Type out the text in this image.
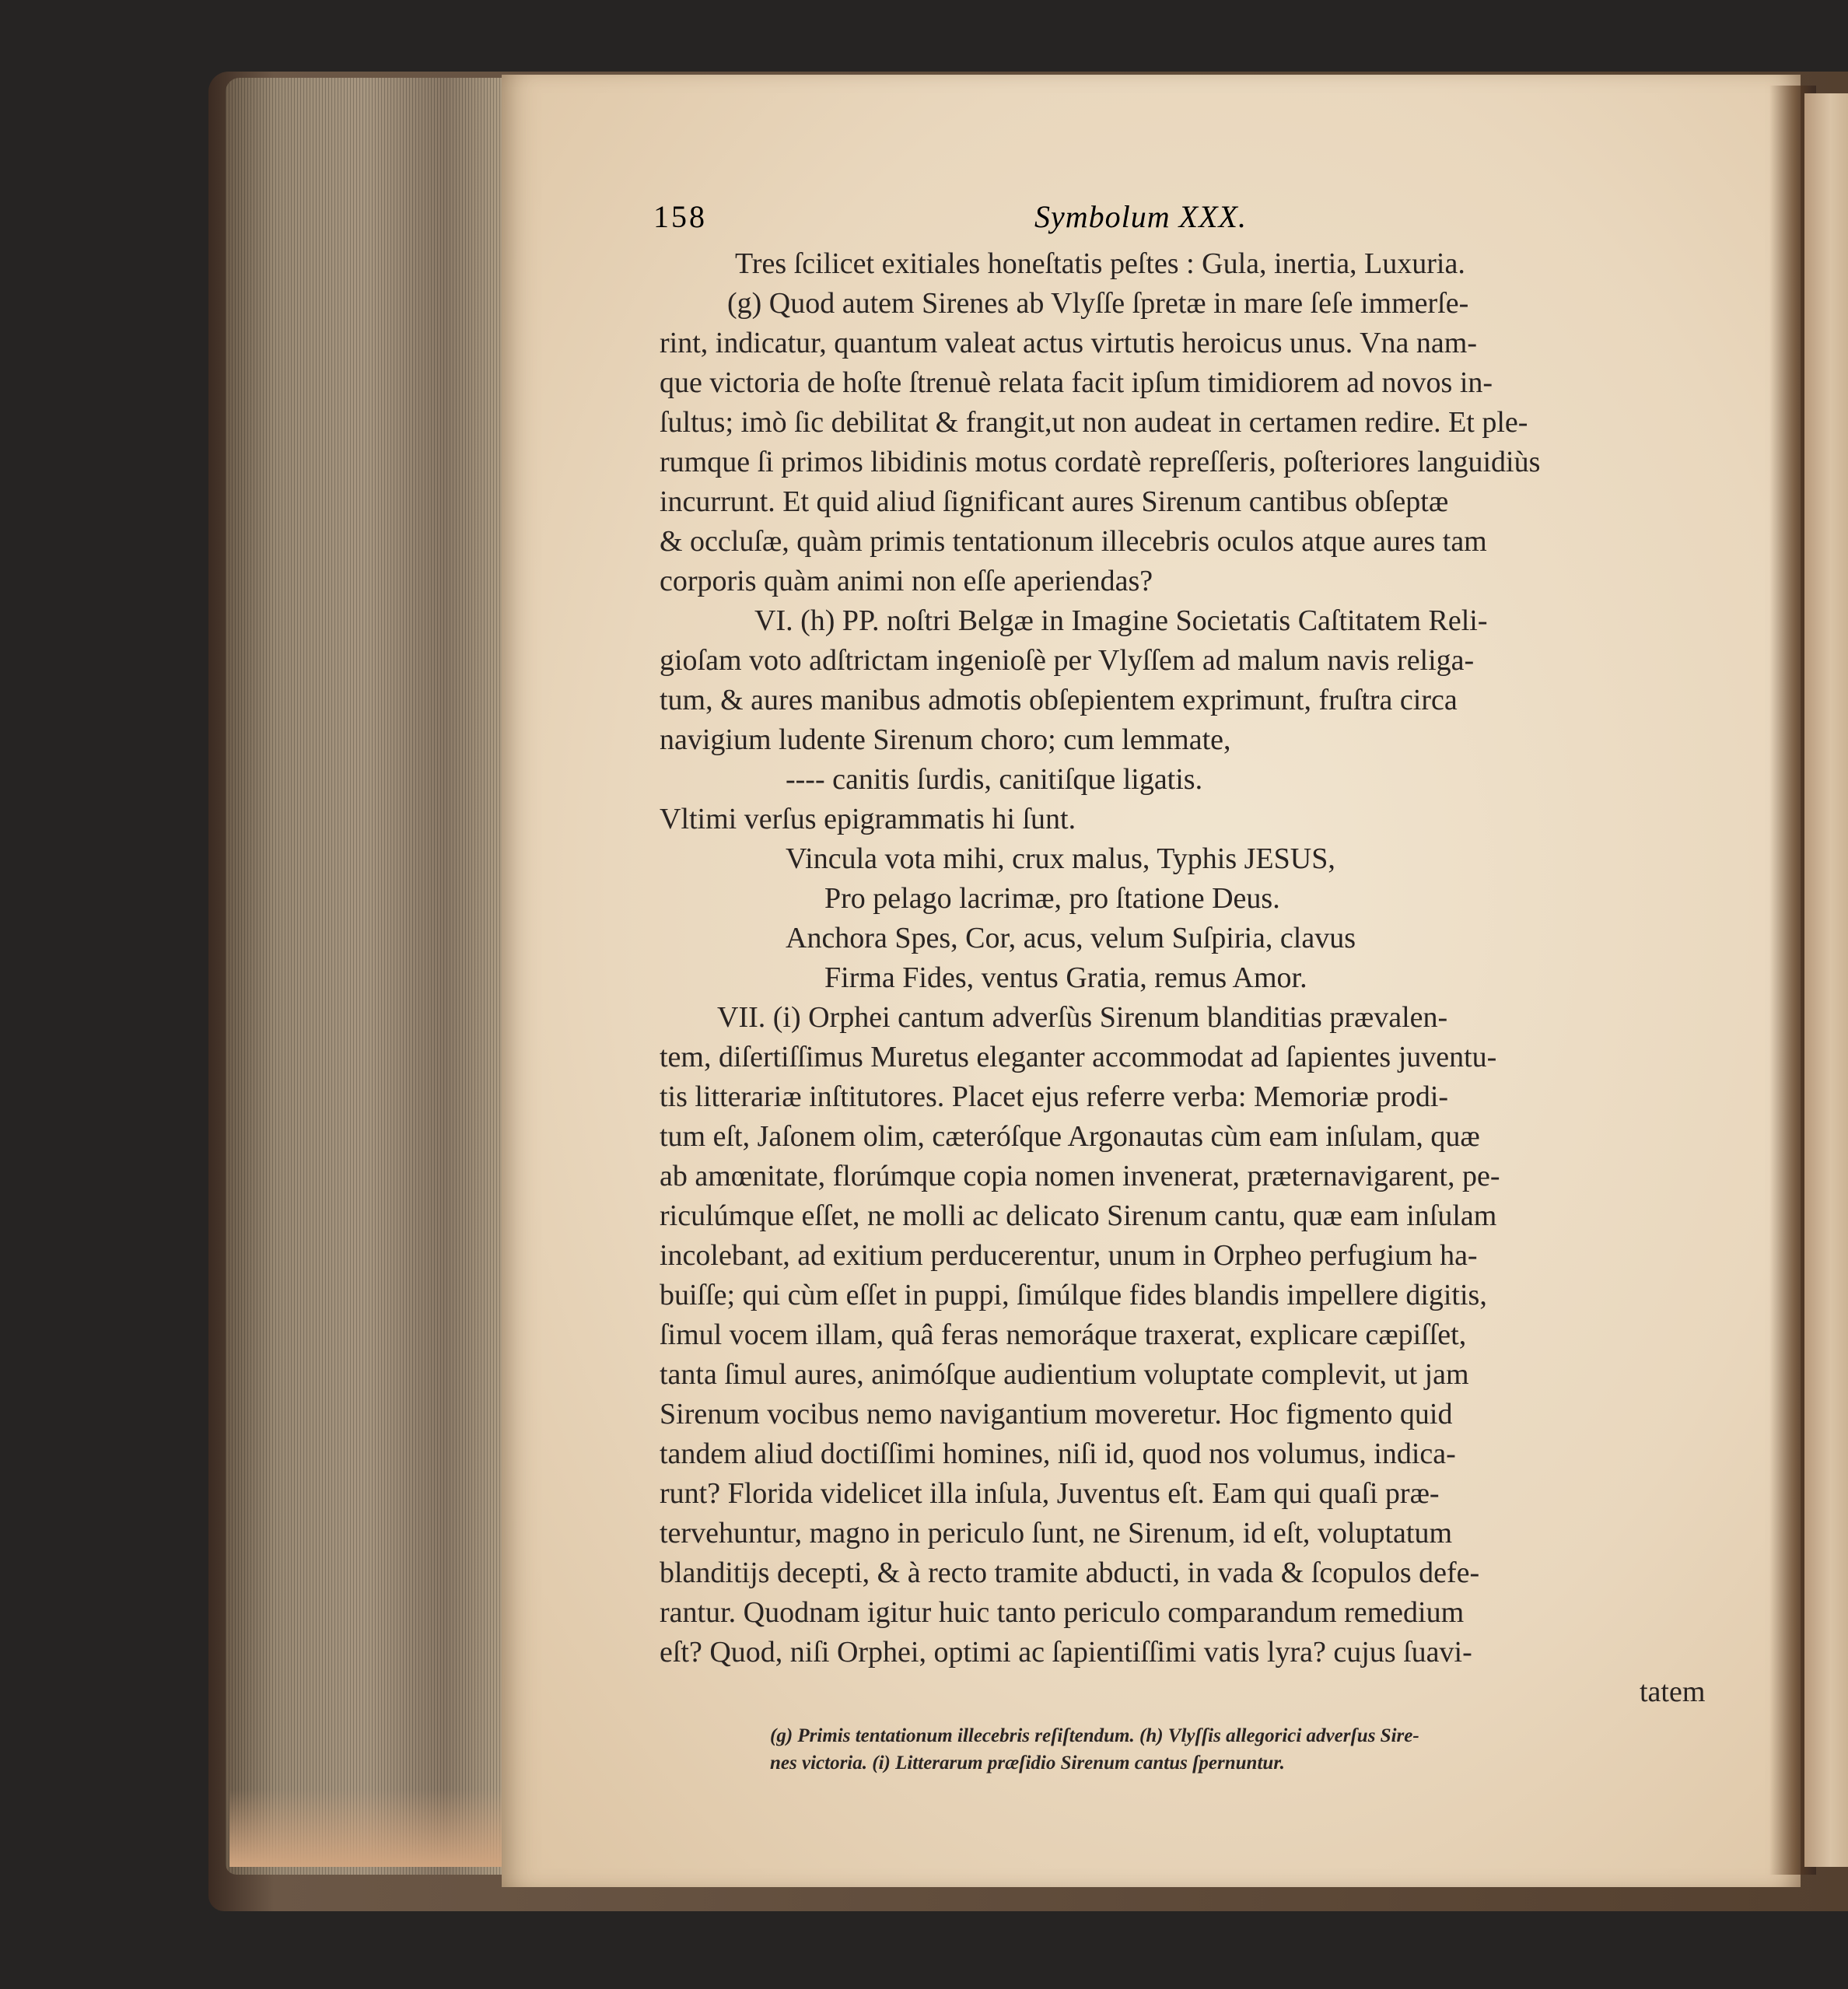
158	Symbolum XXX.
Tres ſcilicet exitiales honeſtatis peſtes : Gula, inertia, Luxuria.
(g) Quod autem Sirenes ab Vlyſſe ſpretæ in mare ſeſe immerſe-
rint, indicatur, quantum valeat actus virtutis heroicus unus. Vna nam-
que victoria de hoſte ſtrenuè relata facit ipſum timidiorem ad novos in-
ſultus; imò ſic debilitat & frangit,ut non audeat in certamen redire. Et ple-
rumque ſi primos libidinis motus cordatè repreſſeris, poſteriores languidiùs
incurrunt. Et quid aliud ſignificant aures Sirenum cantibus obſeptæ
& occluſæ, quàm primis tentationum illecebris oculos atque aures tam
corporis quàm animi non eſſe aperiendas?
VI. (h) PP. noſtri Belgæ in Imagine Societatis Caſtitatem Reli-
gioſam voto adſtrictam ingenioſè per Vlyſſem ad malum navis religa-
tum, & aures manibus admotis obſepientem exprimunt, fruſtra circa
navigium ludente Sirenum choro; cum lemmate,
---- canitis ſurdis, canitiſque ligatis.
Vltimi verſus epigrammatis hi ſunt.
Vincula vota mihi, crux malus, Typhis JESUS,
Pro pelago lacrimæ, pro ſtatione Deus.
Anchora Spes, Cor, acus, velum Suſpiria, clavus
Firma Fides, ventus Gratia, remus Amor.
VII. (i) Orphei cantum adverſùs Sirenum blanditias prævalen-
tem, diſertiſſimus Muretus eleganter accommodat ad ſapientes juventu-
tis litterariæ inſtitutores. Placet ejus referre verba: Memoriæ prodi-
tum eſt, Jaſonem olim, cæteróſque Argonautas cùm eam inſulam, quæ
ab amœnitate, florúmque copia nomen invenerat, præternavigarent, pe-
riculúmque eſſet, ne molli ac delicato Sirenum cantu, quæ eam inſulam
incolebant, ad exitium perducerentur, unum in Orpheo perfugium ha-
buiſſe; qui cùm eſſet in puppi, ſimúlque fides blandis impellere digitis,
ſimul vocem illam, quâ feras nemoráque traxerat, explicare cæpiſſet,
tanta ſimul aures, animóſque audientium voluptate complevit, ut jam
Sirenum vocibus nemo navigantium moveretur. Hoc figmento quid
tandem aliud doctiſſimi homines, niſi id, quod nos volumus, indica-
runt? Florida videlicet illa inſula, Juventus eſt. Eam qui quaſi præ-
tervehuntur, magno in periculo ſunt, ne Sirenum, id eſt, voluptatum
blanditijs decepti, & à recto tramite abducti, in vada & ſcopulos defe-
rantur. Quodnam igitur huic tanto periculo comparandum remedium
eſt? Quod, niſi Orphei, optimi ac ſapientiſſimi vatis lyra? cujus ſuavi-
tatem
(g) Primis tentationum illecebris reſiſtendum. (h) Vlyſſis allegorici adverſus Sire-
nes victoria. (i) Litterarum præſidio Sirenum cantus ſpernuntur.
